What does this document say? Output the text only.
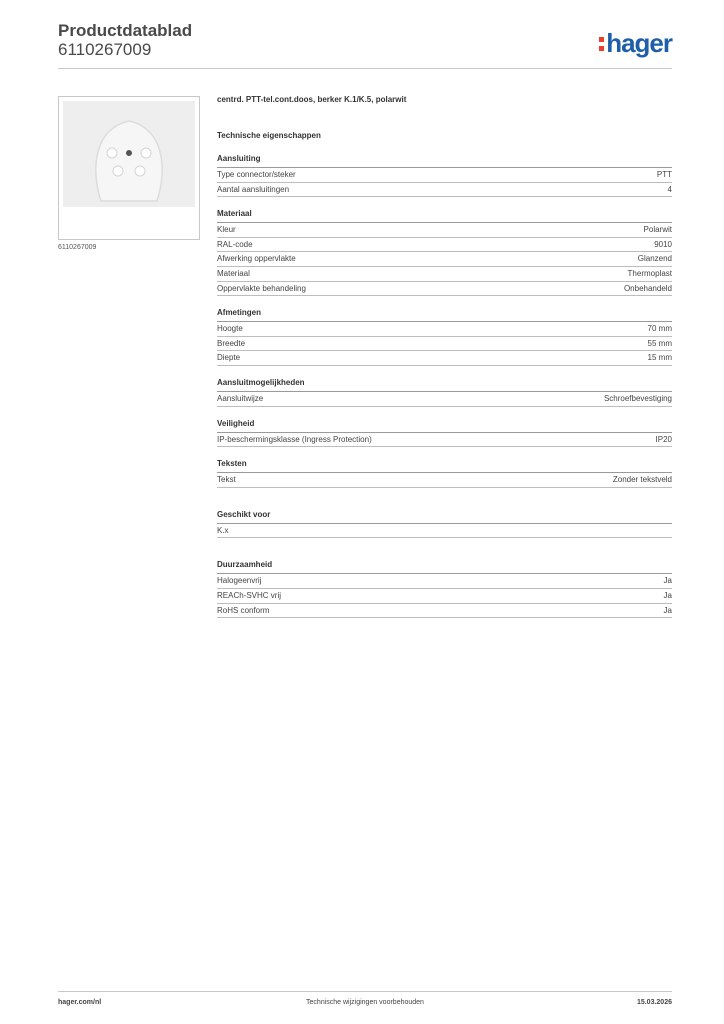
Productdatablad
6110267009	hager
6110267009
centrd. PTT-tel.cont.doos, berker K.1/K.5, polarwit
Technische eigenschappen
Aansluiting
Type connector/steker	PTT
Aantal aansluitingen	4
Materiaal
Kleur	Polarwit
RAL-code	9010
Afwerking oppervlakte	Glanzend
Materiaal	Thermoplast
Oppervlakte behandeling	Onbehandeld
Afmetingen
Hoogte	70 mm
Breedte	55 mm
Diepte	15 mm
Aansluitmogelijkheden
Aansluitwijze	Schroefbevestiging
Veiligheid
IP-beschermingsklasse (Ingress Protection)	IP20
Teksten
Tekst	Zonder tekstveld
Geschikt voor
K.x
Duurzaamheid
Halogeenvrij	Ja
REACh-SVHC vrij	Ja
RoHS conform	Ja
hager.com/nl	Technische wijzigingen voorbehouden	15.03.2026
